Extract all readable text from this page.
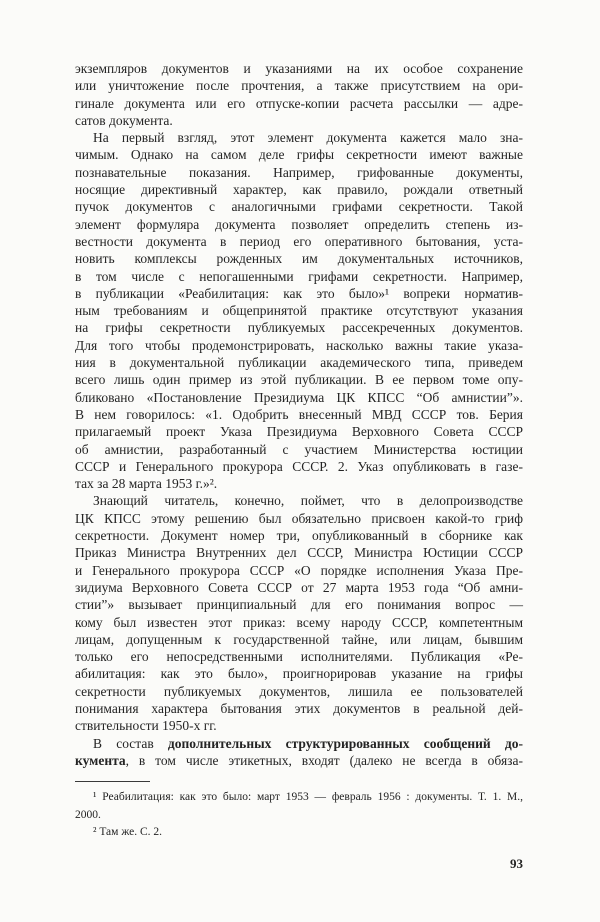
экземпляров документов и указаниями на их особое сохранение
или уничтожение после прочтения, а также присутствием на ори-
гинале документа или его отпуске-копии расчета рассылки — адре-
сатов документа.
На первый взгляд, этот элемент документа кажется мало зна-
чимым. Однако на самом деле грифы секретности имеют важные
познавательные показания. Например, грифованные документы,
носящие директивный характер, как правило, рождали ответный
пучок документов с аналогичными грифами секретности. Такой
элемент формуляра документа позволяет определить степень из-
вестности документа в период его оперативного бытования, уста-
новить комплексы рожденных им документальных источников,
в том числе с непогашенными грифами секретности. Например,
в публикации «Реабилитация: как это было»¹ вопреки норматив-
ным требованиям и общепринятой практике отсутствуют указания
на грифы секретности публикуемых рассекреченных документов.
Для того чтобы продемонстрировать, насколько важны такие указа-
ния в документальной публикации академического типа, приведем
всего лишь один пример из этой публикации. В ее первом томе опу-
бликовано «Постановление Президиума ЦК КПСС “Об амнистии”».
В нем говорилось: «1. Одобрить внесенный МВД СССР тов. Берия
прилагаемый проект Указа Президиума Верховного Совета СССР
об амнистии, разработанный с участием Министерства юстиции
СССР и Генерального прокурора СССР. 2. Указ опубликовать в газе-
тах за 28 марта 1953 г.»².
Знающий читатель, конечно, поймет, что в делопроизводстве
ЦК КПСС этому решению был обязательно присвоен какой-то гриф
секретности. Документ номер три, опубликованный в сборнике как
Приказ Министра Внутренних дел СССР, Министра Юстиции СССР
и Генерального прокурора СССР «О порядке исполнения Указа Пре-
зидиума Верховного Совета СССР от 27 марта 1953 года “Об амни-
стии”» вызывает принципиальный для его понимания вопрос —
кому был известен этот приказ: всему народу СССР, компетентным
лицам, допущенным к государственной тайне, или лицам, бывшим
только его непосредственными исполнителями. Публикация «Ре-
абилитация: как это было», проигнорировав указание на грифы
секретности публикуемых документов, лишила ее пользователей
понимания характера бытования этих документов в реальной дей-
ствительности 1950-х гг.
В состав дополнительных структурированных сообщений до-
кумента, в том числе этикетных, входят (далеко не всегда в обяза-
¹ Реабилитация: как это было: март 1953 — февраль 1956 : документы. Т. 1. М.,
2000.
² Там же. С. 2.
93
